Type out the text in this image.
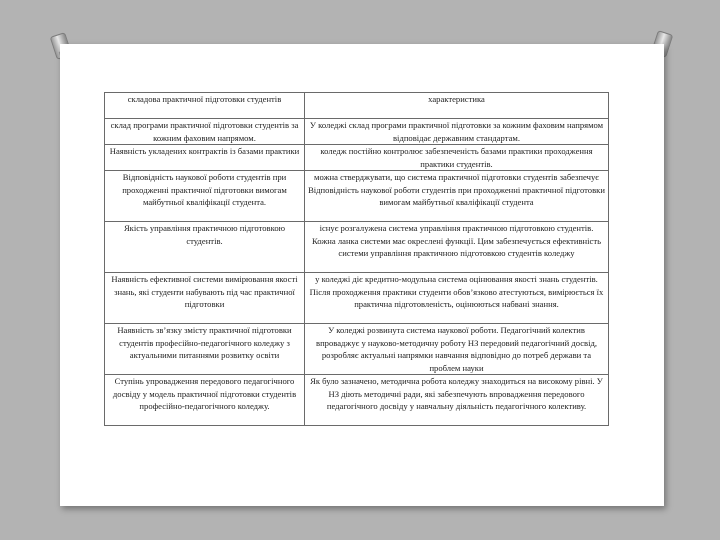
складова практичної підготовки студентів	характеристика
склад програми практичної підготовки студентів за кожним фаховим напрямом.	У коледжі склад програми практичної підготовки за кожним фаховим напрямом відповідає державним стандартам.
Наявність укладених контрактів із базами практики	коледж постійно контролює забезпеченість базами практики проходження практики студентів.
Відповідність наукової роботи студентів при проходженні практичної підготовки вимогам майбутньої кваліфікації студента.	можна стверджувати, що система практичної підготовки студентів забезпечує Відповідність наукової роботи студентів при проходженні практичної підготовки вимогам майбутньої кваліфікації студента
Якість управління практичною підготовкою студентів.	існує розгалужена система управління практичною підготовкою студентів. Кожна ланка системи має окреслені функції. Цим забезпечується ефективність системи управління практичною підготовкою студентів коледжу
Наявність ефективної системи вимірювання якості знань, які студенти набувають під час практичної підготовки	у коледжі діє кредитно-модульна система оцінювання якості знань студентів. Після проходження практики студенти обов’язково атестуються, вимірюється їх практична підготовленість, оцінюються набвані знання.
Наявність зв’язку змісту практичної підготовки студентів професійно-педагогічного коледжу з актуальними питаннями розвитку освіти	У коледжі розвинута система наукової роботи. Педагогічний колектив впроваджує у науково-методичну роботу НЗ передовий педагогічний досвід, розробляє актуальні напрямки навчання відповідно до потреб держави та проблем науки
Ступінь упровадження передового педагогічного досвіду у модель практичної підготовки студентів професійно-педагогічного коледжу.	Як було зазначено, методична робота коледжу знаходиться на високому рівні. У НЗ діють методичні ради, які забезпечують впровадження передового педагогічного досвіду у навчальну діяльність педагогічного колективу.
